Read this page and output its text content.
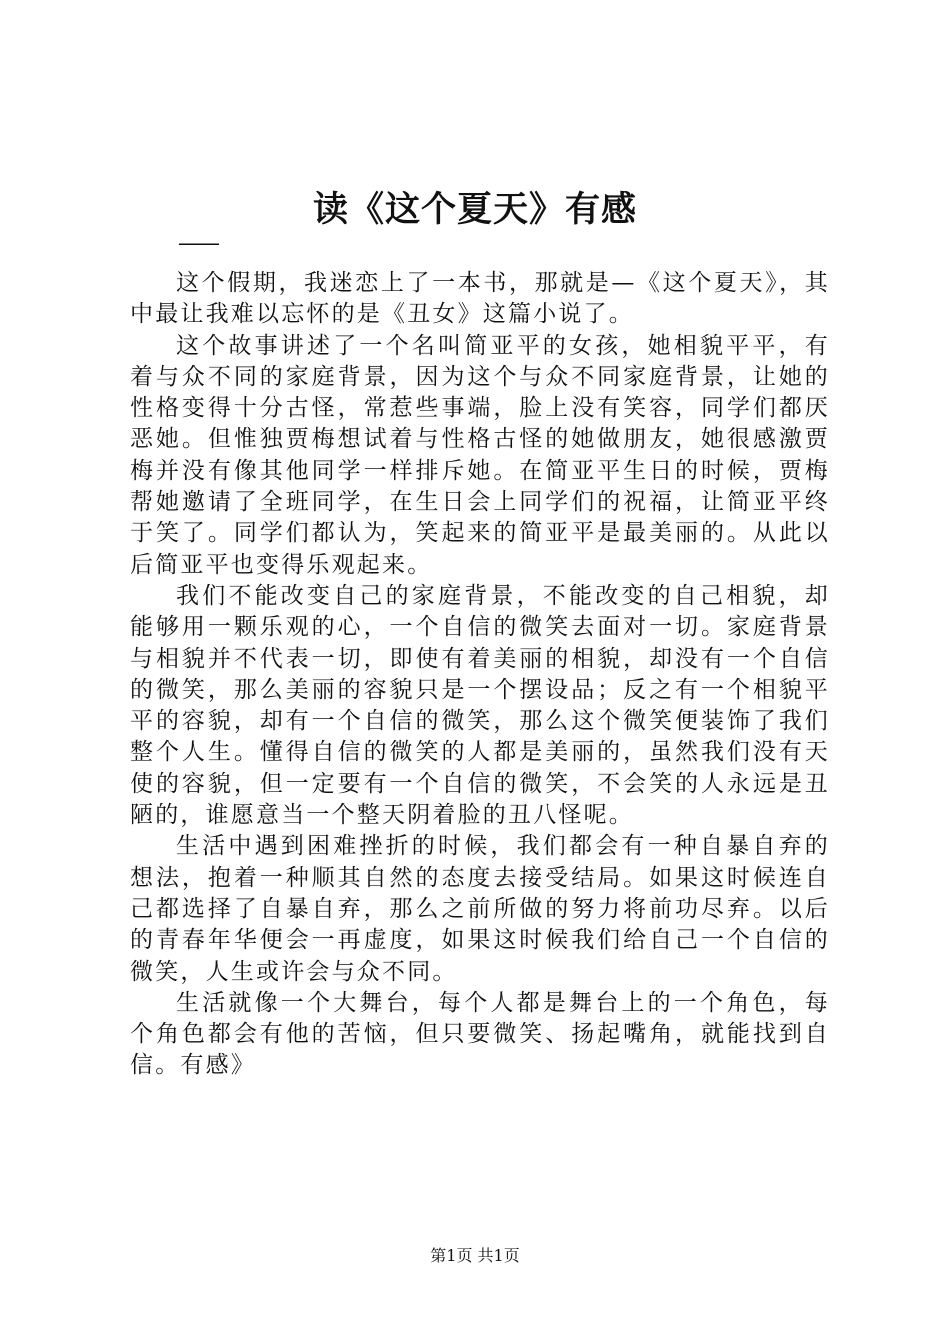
读《这个夏天》有感
——

这个假期，我迷恋上了一本书，那就是—《这个夏天》，其中最让我难以忘怀的是《丑女》这篇小说了。

这个故事讲述了一个名叫简亚平的女孩，她相貌平平，有着与众不同的家庭背景，因为这个与众不同家庭背景，让她的性格变得十分古怪，常惹些事端，脸上没有笑容，同学们都厌恶她。但惟独贾梅想试着与性格古怪的她做朋友，她很感激贾梅并没有像其他同学一样排斥她。在简亚平生日的时候，贾梅帮她邀请了全班同学，在生日会上同学们的祝福，让简亚平终于笑了。同学们都认为，笑起来的简亚平是最美丽的。从此以后简亚平也变得乐观起来。

我们不能改变自己的家庭背景，不能改变的自己相貌，却能够用一颗乐观的心，一个自信的微笑去面对一切。家庭背景与相貌并不代表一切，即使有着美丽的相貌，却没有一个自信的微笑，那么美丽的容貌只是一个摆设品；反之有一个相貌平平的容貌，却有一个自信的微笑，那么这个微笑便装饰了我们整个人生。懂得自信的微笑的人都是美丽的，虽然我们没有天使的容貌，但一定要有一个自信的微笑，不会笑的人永远是丑陋的，谁愿意当一个整天阴着脸的丑八怪呢。

生活中遇到困难挫折的时候，我们都会有一种自暴自弃的想法，抱着一种顺其自然的态度去接受结局。如果这时候连自己都选择了自暴自弃，那么之前所做的努力将前功尽弃。以后的青春年华便会一再虚度，如果这时候我们给自己一个自信的微笑，人生或许会与众不同。

生活就像一个大舞台，每个人都是舞台上的一个角色，每个角色都会有他的苦恼，但只要微笑、扬起嘴角，就能找到自信。有感》

第1页 共1页
